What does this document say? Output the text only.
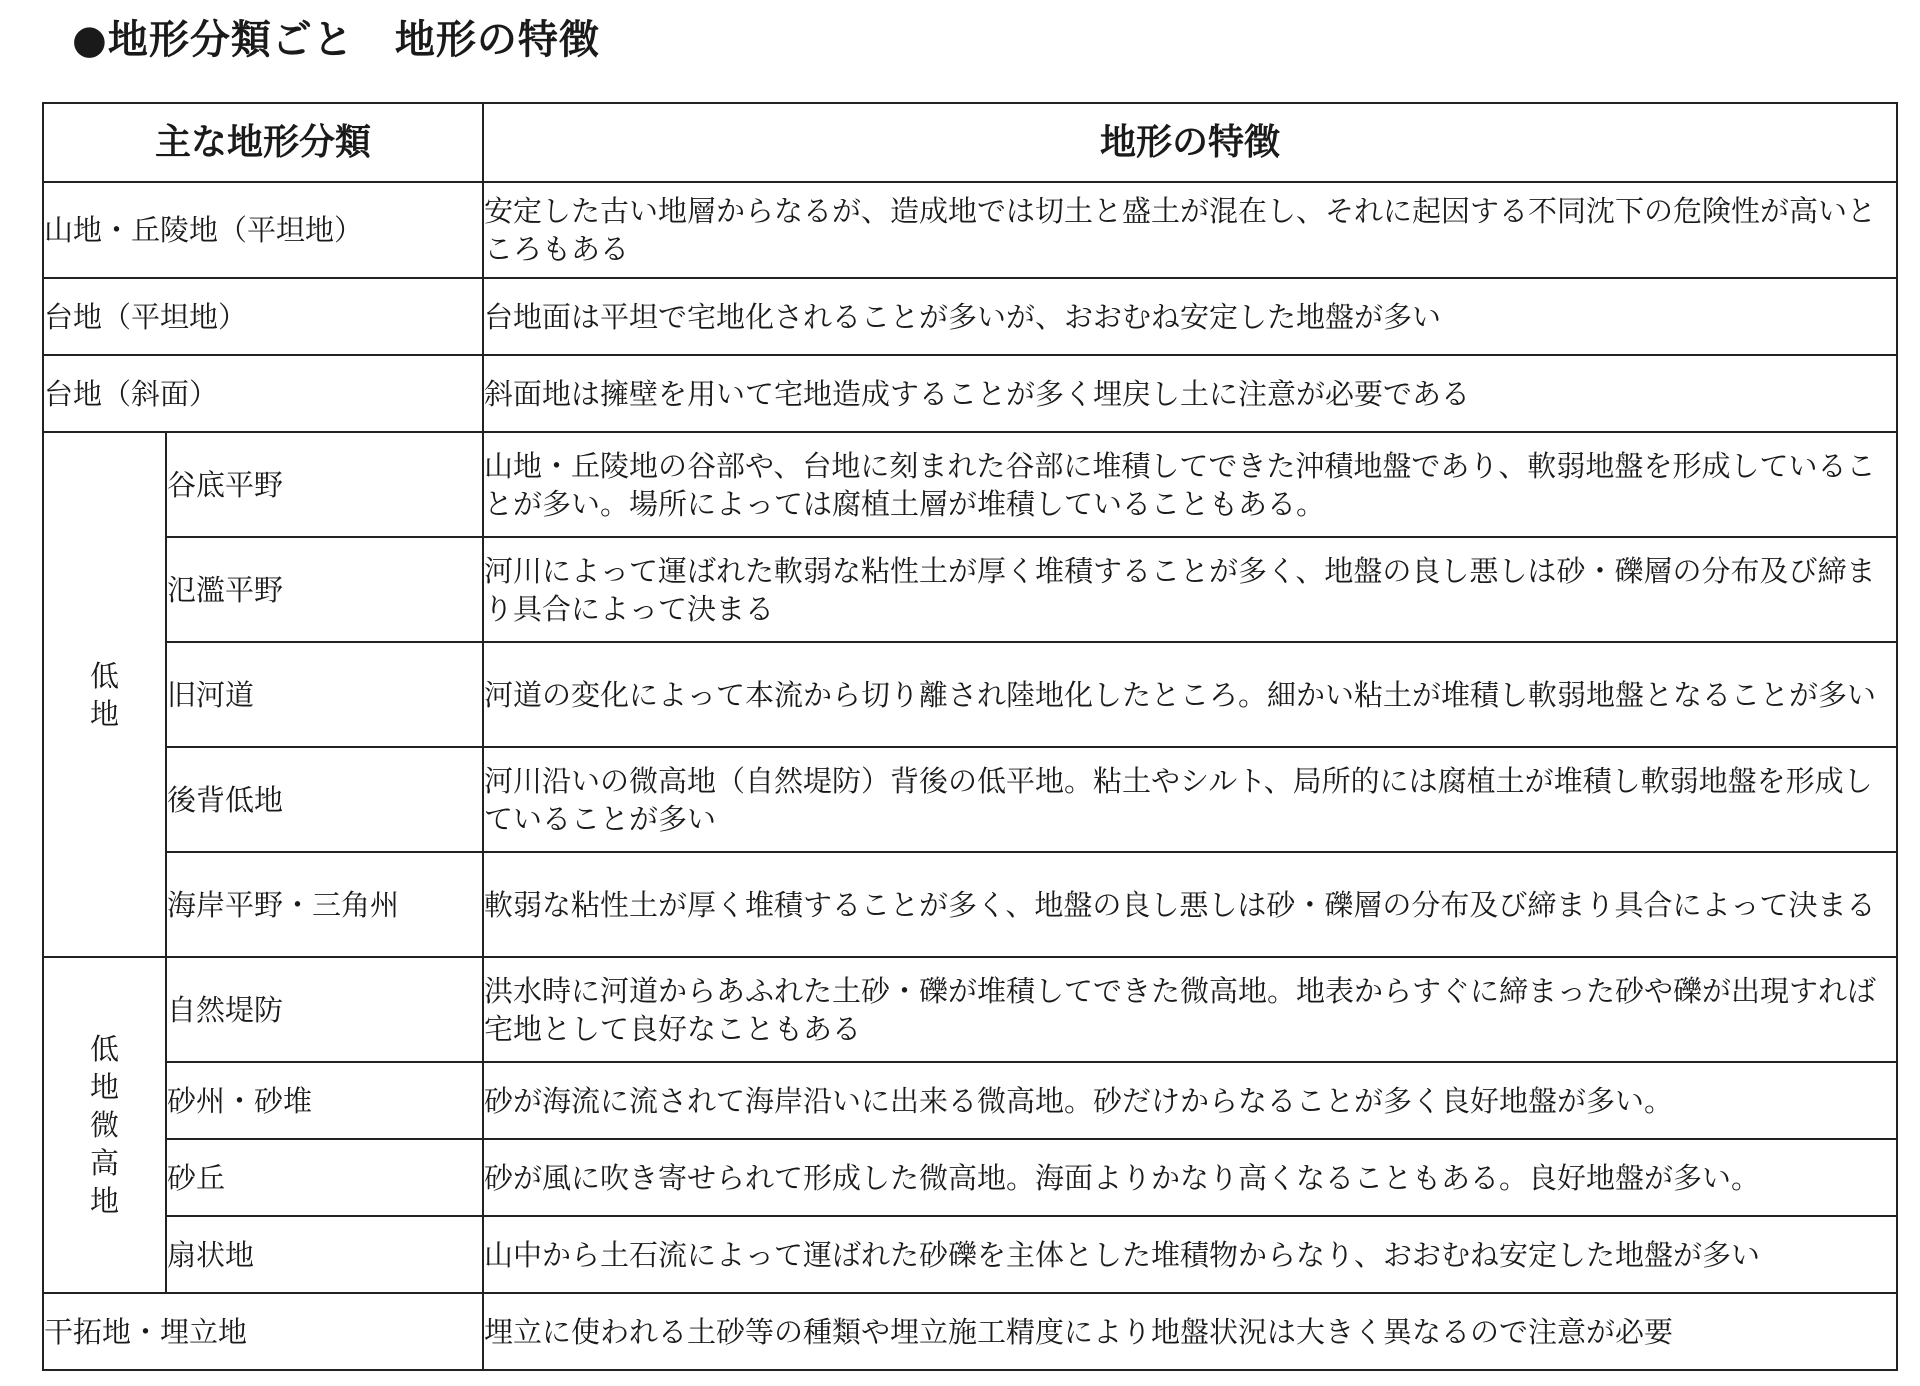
●地形分類ごと　地形の特徴
主な地形分類		地形の特徴
山地・丘陵地（平坦地）		安定した古い地層からなるが、造成地では切土と盛土が混在し、それに起因する不同沈下の危険性が高いところもある
台地（平坦地）		台地面は平坦で宅地化されることが多いが、おおむね安定した地盤が多い
台地（斜面）		斜面地は擁壁を用いて宅地造成することが多く埋戻し土に注意が必要である
低地	谷底平野	山地・丘陵地の谷部や、台地に刻まれた谷部に堆積してできた沖積地盤であり、軟弱地盤を形成していることが多い。場所によっては腐植土層が堆積していることもある。
	氾濫平野	河川によって運ばれた軟弱な粘性土が厚く堆積することが多く、地盤の良し悪しは砂・礫層の分布及び締まり具合によって決まる
	旧河道	河道の変化によって本流から切り離され陸地化したところ。細かい粘土が堆積し軟弱地盤となることが多い
	後背低地	河川沿いの微高地（自然堤防）背後の低平地。粘土やシルト、局所的には腐植土が堆積し軟弱地盤を形成していることが多い
	海岸平野・三角州	軟弱な粘性土が厚く堆積することが多く、地盤の良し悪しは砂・礫層の分布及び締まり具合によって決まる
低地微高地	自然堤防	洪水時に河道からあふれた土砂・礫が堆積してできた微高地。地表からすぐに締まった砂や礫が出現すれば宅地として良好なこともある
	砂州・砂堆	砂が海流に流されて海岸沿いに出来る微高地。砂だけからなることが多く良好地盤が多い。
	砂丘	砂が風に吹き寄せられて形成した微高地。海面よりかなり高くなることもある。良好地盤が多い。
	扇状地	山中から土石流によって運ばれた砂礫を主体とした堆積物からなり、おおむね安定した地盤が多い
干拓地・埋立地		埋立に使われる土砂等の種類や埋立施工精度により地盤状況は大きく異なるので注意が必要
